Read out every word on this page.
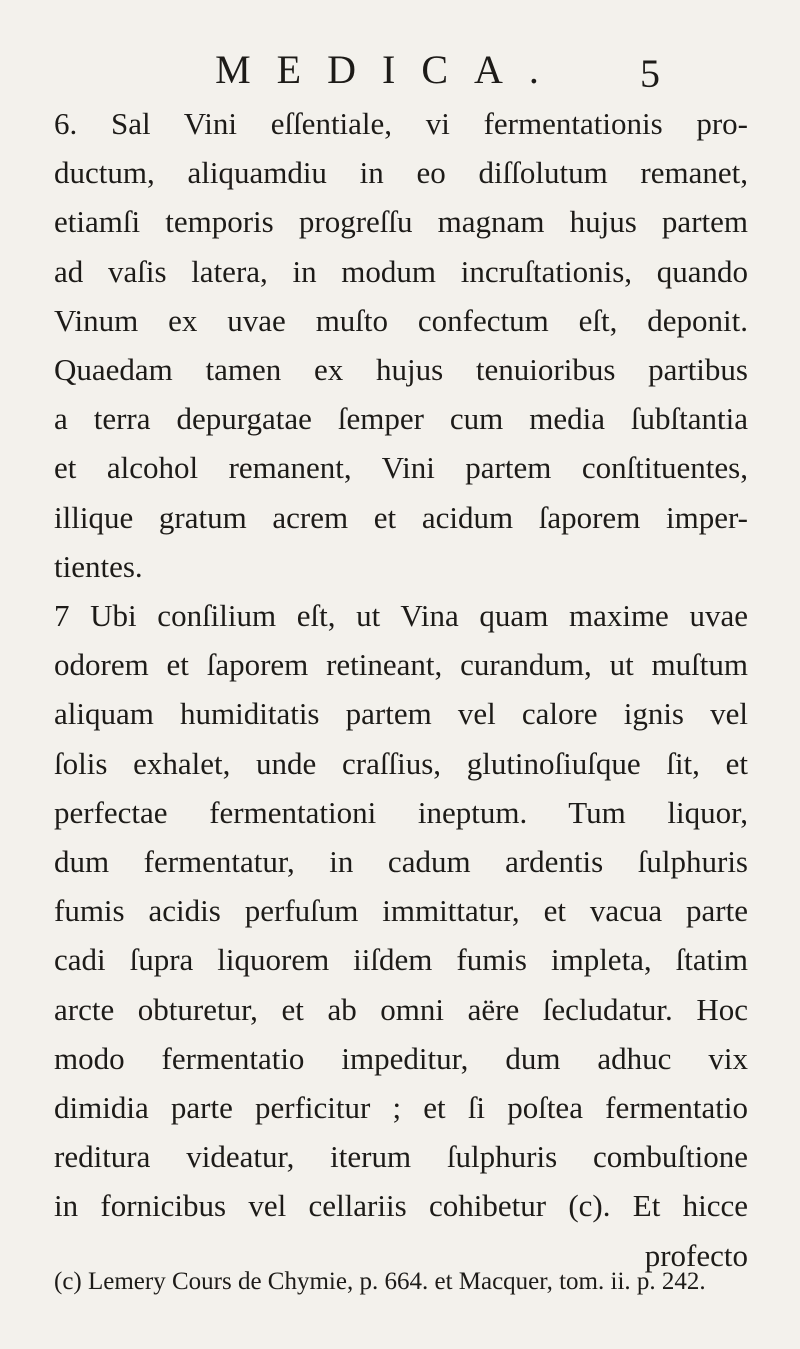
MEDICA.	5
6. Sal Vini eſſentiale, vi fermentationis pro-
ductum, aliquamdiu in eo diſſolutum remanet,
etiamſi temporis progreſſu magnam hujus partem
ad vaſis latera, in modum incruſtationis, quando
Vinum ex uvae muſto confectum eſt, deponit.
Quaedam tamen ex hujus tenuioribus partibus
a terra depurgatae ſemper cum media ſubſtantia
et alcohol remanent, Vini partem conſtituentes,
illique gratum acrem et acidum ſaporem imper-
tientes.
7 Ubi conſilium eſt, ut Vina quam maxime uvae
odorem et ſaporem retineant, curandum, ut muſtum
aliquam humiditatis partem vel calore ignis vel
ſolis exhalet, unde craſſius, glutinoſiuſque ſit, et
perfectae fermentationi ineptum. Tum liquor,
dum fermentatur, in cadum ardentis ſulphuris
fumis acidis perfuſum immittatur, et vacua parte
cadi ſupra liquorem iiſdem fumis impleta, ſtatim
arcte obturetur, et ab omni aëre ſecludatur. Hoc
modo fermentatio impeditur, dum adhuc vix
dimidia parte perficitur ; et ſi poſtea fermentatio
reditura videatur, iterum ſulphuris combuſtione
(c) Lemery Cours de Chymie, p. 664. et Macquer, tom. ii. p. 242.
in fornicibus vel cellariis cohibetur (c). Et hicce
profecto
